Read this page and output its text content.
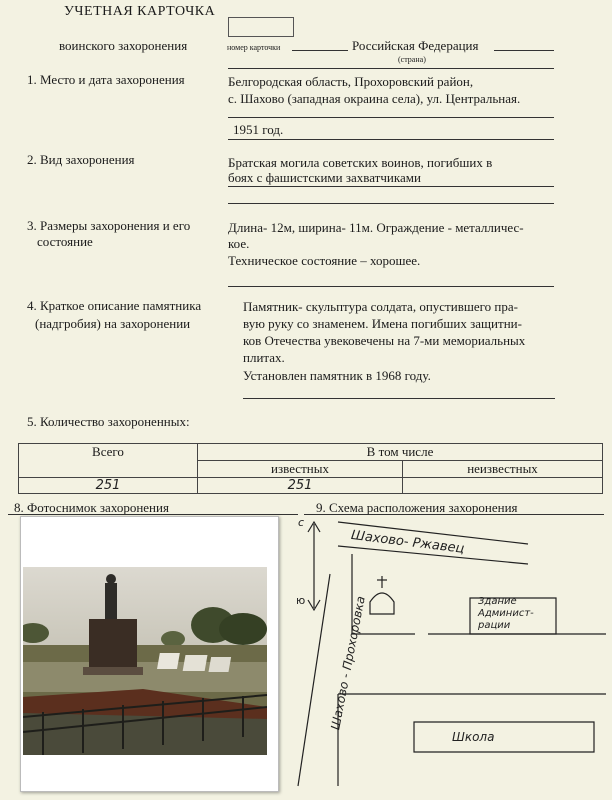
УЧЕТНАЯ КАРТОЧКА
воинского захоронения	номер карточки	Российская Федерация
(страна)
1. Место и дата захоронения	Белгородская область, Прохоровский район,
с. Шахово (западная окраина села), ул. Центральная.
1951 год.
2. Вид захоронения	Братская могила советских воинов, погибших в
боях с фашистскими захватчиками
3. Размеры захоронения и его
состояние
Длина- 12м, ширина- 11м. Ограждение - металличес-
кое.
Техническое состояние – хорошее.
4. Краткое описание памятника
(надгробия) на захоронении
Памятник- скульптура солдата, опустившего пра-
вую руку со знаменем. Имена погибших защитни-
ков Отечества увековечены на 7-ми мемориальных
плитах.
Установлен памятник в 1968 году.
5. Количество захороненных:
Всего	В том числе	
	известных	неизвестных
251	251	
8. Фотоснимок захоронения	9. Схема расположения захоронения
с
ю
Шахово- Ржавец
Шахово - Прохоровка	Здание
Админист-
рации
Школа
